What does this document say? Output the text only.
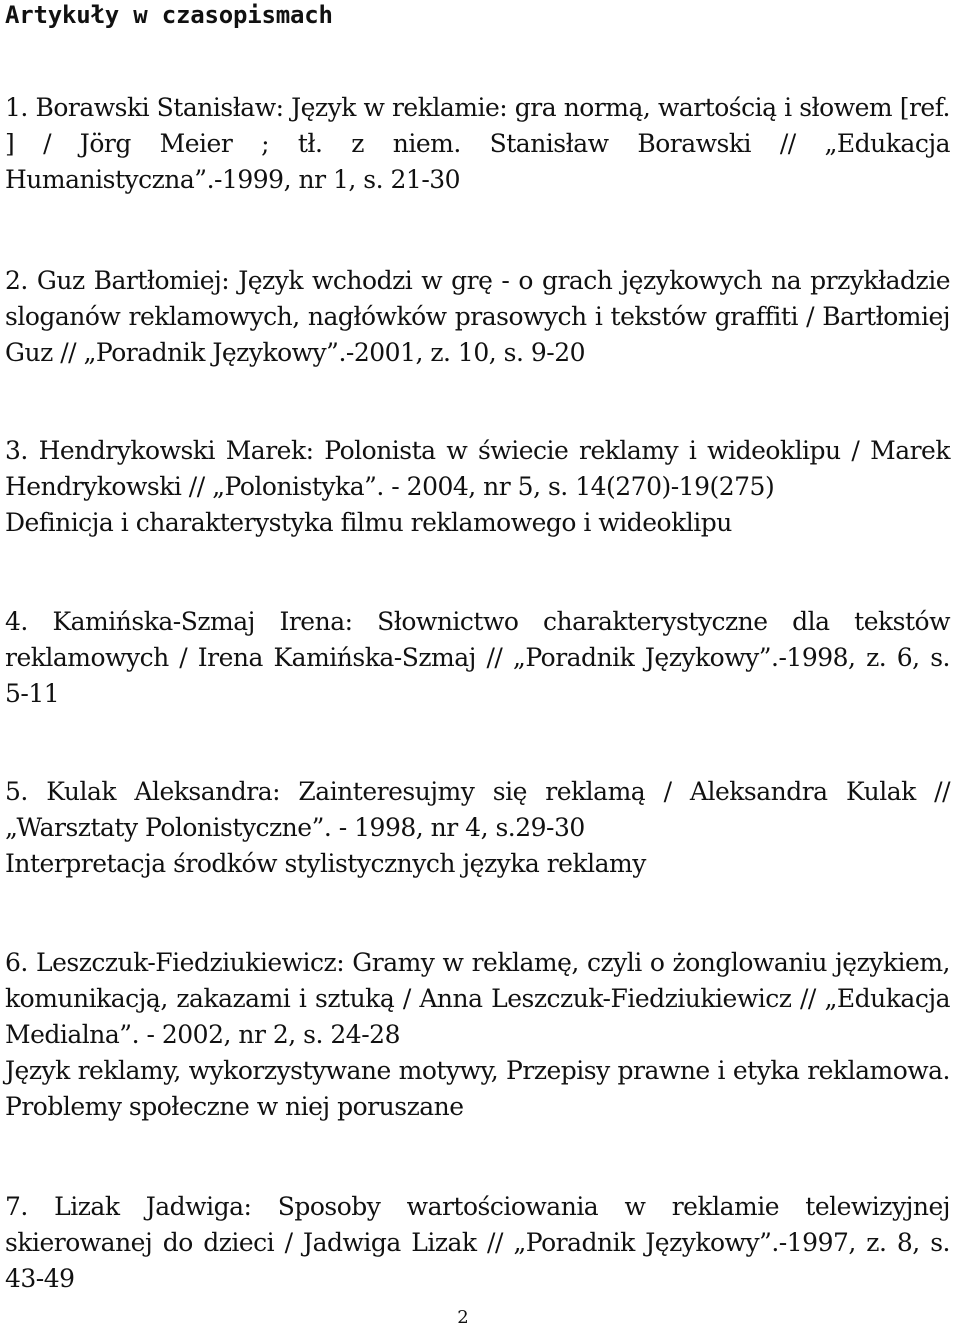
Artykuły w czasopismach

1. Borawski Stanisław: Język w reklamie: gra normą, wartością i słowem [ref. ] / Jörg Meier ; tł. z niem. Stanisław Borawski // „Edukacja Humanistyczna”.-1999, nr 1, s. 21-30

2. Guz Bartłomiej: Język wchodzi w grę - o grach językowych na przykładzie sloganów reklamowych, nagłówków prasowych i tekstów graffiti / Bartłomiej Guz // „Poradnik Językowy”.-2001, z. 10, s. 9-20

3. Hendrykowski Marek: Polonista w świecie reklamy i wideoklipu / Marek Hendrykowski // „Polonistyka”. - 2004, nr 5, s. 14(270)-19(275)

Definicja i charakterystyka filmu reklamowego i wideoklipu

4. Kamińska-Szmaj Irena: Słownictwo charakterystyczne dla tekstów reklamowych / Irena Kamińska-Szmaj // „Poradnik Językowy”.-1998, z. 6, s. 5-11

5. Kulak Aleksandra: Zainteresujmy się reklamą / Aleksandra Kulak // „Warsztaty Polonistyczne”. - 1998, nr 4, s.29-30

Interpretacja środków stylistycznych języka reklamy

6. Leszczuk-Fiedziukiewicz: Gramy w reklamę, czyli o żonglowaniu językiem, komunikacją, zakazami i sztuką / Anna Leszczuk-Fiedziukiewicz // „Edukacja Medialna”. - 2002, nr 2, s. 24-28

Język reklamy, wykorzystywane motywy, Przepisy prawne i etyka reklamowa. Problemy społeczne w niej poruszane

7. Lizak Jadwiga: Sposoby wartościowania w reklamie telewizyjnej skierowanej do dzieci / Jadwiga Lizak // „Poradnik Językowy”.-1997, z. 8, s. 43-49

2
